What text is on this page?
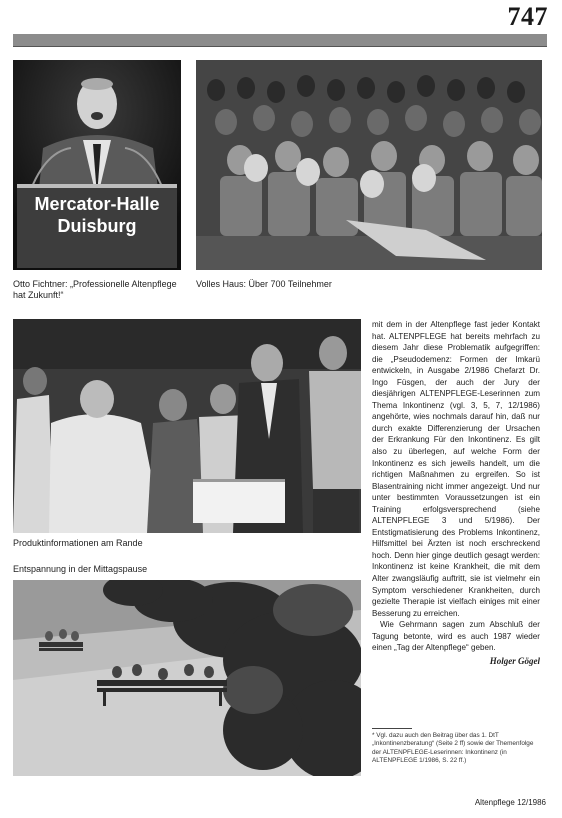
747
Mercator-Halle
Duisburg
Otto Fichtner: „Professionelle Altenpflege hat Zukunft!“
Volles Haus: Über 700 Teilnehmer
Produktinformationen am Rande
Entspannung in der Mittagspause

mit dem in der Altenpflege fast jeder Kontakt hat. ALTENPFLEGE hat bereits mehrfach zu diesem Jahr diese Problematik aufgegriffen: die „Pseudodemenz: Formen der Imkarü entwickeln, in Ausgabe 2/1986 Chefarzt Dr. Ingo Füsgen, der auch der Jury der diesjährigen ALTENPFLEGE-Leserinnen zum Thema Inkontinenz (vgl. 3, 5, 7, 12/1986) angehörte, wies nochmals darauf hin, daß nur durch exakte Differenzierung der Ursachen der Erkrankung Für den Inkontinenz. Es gilt also zu überlegen, auf welche Form der Inkontinenz es sich jeweils handelt, um die richtigen Maßnahmen zu ergreifen. So ist Blasentraining nicht immer angezeigt. Und nur unter bestimmten Voraussetzungen ist ein Training erfolgsversprechend (siehe ALTENPFLEGE 3 und 5/1986). Der Entstigmatisierung des Problems Inkontinenz, Hilfsmittel bei Ärzten ist noch erschreckend hoch. Denn hier ginge deutlich gesagt werden: Inkontinenz ist keine Krankheit, die mit dem Alter zwangsläufig auftritt, sie ist vielmehr ein Symptom verschiedener Krankheiten, durch gezielte Therapie ist vielfach einiges mit einer Besserung zu erreichen.

Wie Gehrmann sagen zum Abschluß der Tagung betonte, wird es auch 1987 wieder einen „Tag der Altenpflege“ geben.

Holger Gögel
* Vgl. dazu auch den Beitrag über das 1. DtT „Inkontinenzberatung“ (Seite 2 ff) sowie der Themenfolge der ALTENPFLEGE-Leserinnen: Inkontinenz (in ALTENPFLEGE 1/1986, S. 22 ff.)
Altenpflege 12/1986
